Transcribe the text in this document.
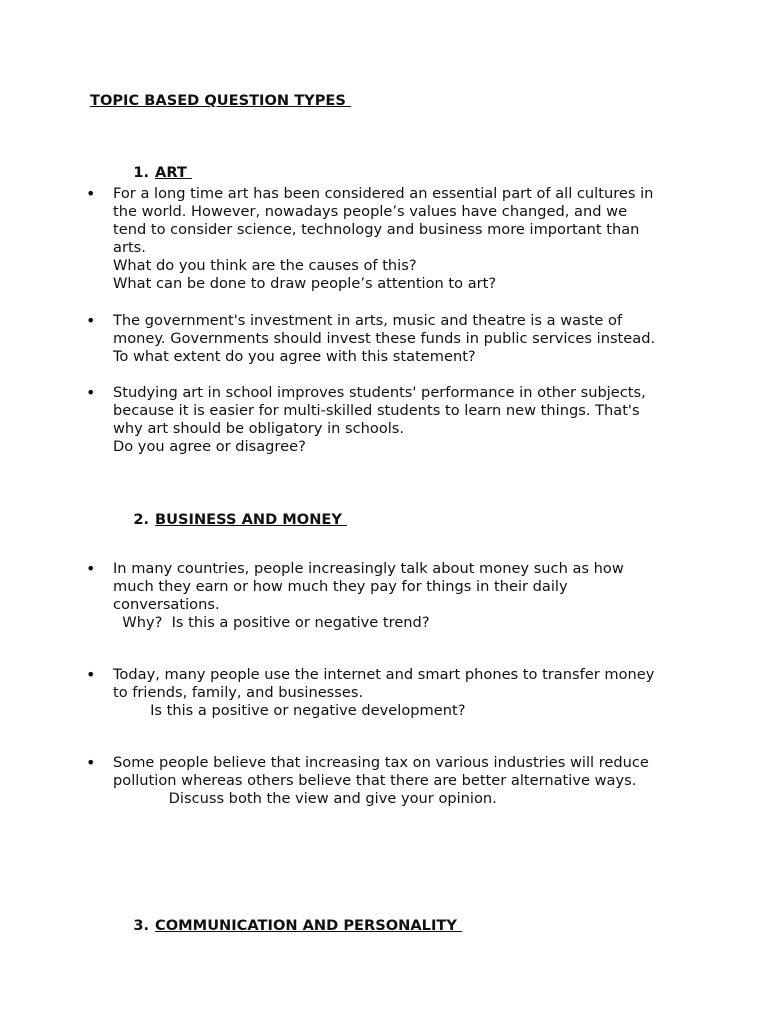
TOPIC BASED QUESTION TYPES

1. ART

• For a long time art has been considered an essential part of all cultures in
the world. However, nowadays people’s values have changed, and we
tend to consider science, technology and business more important than
arts.
What do you think are the causes of this?
What can be done to draw people’s attention to art?
• The government's investment in arts, music and theatre is a waste of
money. Governments should invest these funds in public services instead.
To what extent do you agree with this statement?
• Studying art in school improves students' performance in other subjects,
because it is easier for multi-skilled students to learn new things. That's
why art should be obligatory in schools.
Do you agree or disagree?

2. BUSINESS AND MONEY

• In many countries, people increasingly talk about money such as how
much they earn or how much they pay for things in their daily
conversations.
Why?  Is this a positive or negative trend?
• Today, many people use the internet and smart phones to transfer money
to friends, family, and businesses.
Is this a positive or negative development?
• Some people believe that increasing tax on various industries will reduce
pollution whereas others believe that there are better alternative ways.
Discuss both the view and give your opinion.

3. COMMUNICATION AND PERSONALITY
